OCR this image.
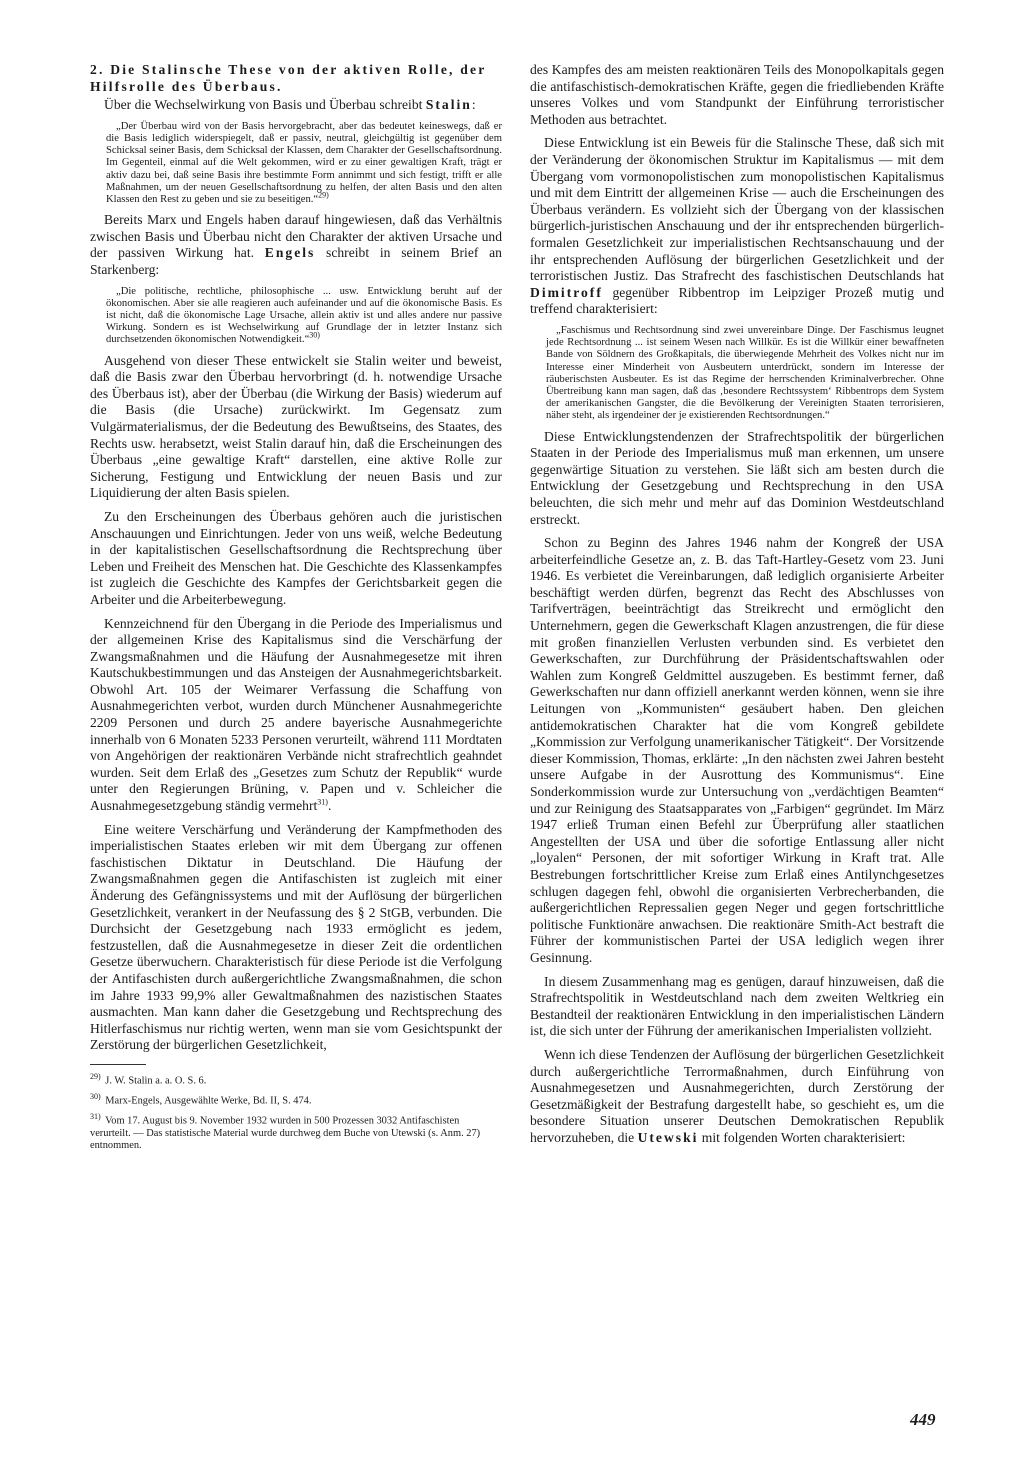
2. Die Stalinsche These von der aktiven Rolle, der Hilfsrolle des Überbaus.

Über die Wechselwirkung von Basis und Überbau schreibt Stalin:

„Der Überbau wird von der Basis hervorgebracht, aber das bedeutet keineswegs, daß er die Basis lediglich widerspiegelt, daß er passiv, neutral, gleichgültig ist gegenüber dem Schicksal seiner Basis, dem Schicksal der Klassen, dem Charakter der Gesellschaftsordnung. Im Gegenteil, einmal auf die Welt gekommen, wird er zu einer gewaltigen Kraft, trägt er aktiv dazu bei, daß seine Basis ihre bestimmte Form annimmt und sich festigt, trifft er alle Maßnahmen, um der neuen Gesellschaftsordnung zu helfen, der alten Basis und den alten Klassen den Rest zu geben und sie zu beseitigen.“$^{29)}$

Bereits Marx und Engels haben darauf hingewiesen, daß das Verhältnis zwischen Basis und Überbau nicht den Charakter der aktiven Ursache und der passiven Wirkung hat. Engels schreibt in seinem Brief an Starkenberg:

„Die politische, rechtliche, philosophische ... usw. Entwicklung beruht auf der ökonomischen. Aber sie alle reagieren auch aufeinander und auf die ökonomische Basis. Es ist nicht, daß die ökonomische Lage Ursache, allein aktiv ist und alles andere nur passive Wirkung. Sondern es ist Wechselwirkung auf Grundlage der in letzter Instanz sich durchsetzenden ökonomischen Notwendigkeit.“$^{30)}$

Ausgehend von dieser These entwickelt sie Stalin weiter und beweist, daß die Basis zwar den Überbau hervorbringt (d. h. notwendige Ursache des Überbaus ist), aber der Überbau (die Wirkung der Basis) wiederum auf die Basis (die Ursache) zurückwirkt. Im Gegensatz zum Vulgärmaterialismus, der die Bedeutung des Bewußtseins, des Staates, des Rechts usw. herabsetzt, weist Stalin darauf hin, daß die Erscheinungen des Überbaus „eine gewaltige Kraft“ darstellen, eine aktive Rolle zur Sicherung, Festigung und Entwicklung der neuen Basis und zur Liquidierung der alten Basis spielen.

Zu den Erscheinungen des Überbaus gehören auch die juristischen Anschauungen und Einrichtungen. Jeder von uns weiß, welche Bedeutung in der kapitalistischen Gesellschaftsordnung die Rechtsprechung über Leben und Freiheit des Menschen hat. Die Geschichte des Klassenkampfes ist zugleich die Geschichte des Kampfes der Gerichtsbarkeit gegen die Arbeiter und die Arbeiterbewegung.

Kennzeichnend für den Übergang in die Periode des Imperialismus und der allgemeinen Krise des Kapitalismus sind die Verschärfung der Zwangsmaßnahmen und die Häufung der Ausnahmegesetze mit ihren Kautschukbestimmungen und das Ansteigen der Ausnahmegerichtsbarkeit. Obwohl Art. 105 der Weimarer Verfassung die Schaffung von Ausnahmegerichten verbot, wurden durch Münchener Ausnahmegerichte 2209 Personen und durch 25 andere bayerische Ausnahmegerichte innerhalb von 6 Monaten 5233 Personen verurteilt, während 111 Mordtaten von Angehörigen der reaktionären Verbände nicht strafrechtlich geahndet wurden. Seit dem Erlaß des „Gesetzes zum Schutz der Republik“ wurde unter den Regierungen Brüning, v. Papen und v. Schleicher die Ausnahmegesetzgebung ständig vermehrt$^{31)}$.

Eine weitere Verschärfung und Veränderung der Kampfmethoden des imperialistischen Staates erleben wir mit dem Übergang zur offenen faschistischen Diktatur in Deutschland. Die Häufung der Zwangsmaßnahmen gegen die Antifaschisten ist zugleich mit einer Änderung des Gefängnissystems und mit der Auflösung der bürgerlichen Gesetzlichkeit, verankert in der Neufassung des § 2 StGB, verbunden. Die Durchsicht der Gesetzgebung nach 1933 ermöglicht es jedem, festzustellen, daß die Ausnahmegesetze in dieser Zeit die ordentlichen Gesetze überwuchern. Charakteristisch für diese Periode ist die Verfolgung der Antifaschisten durch außergerichtliche Zwangsmaßnahmen, die schon im Jahre 1933 99,9% aller Gewaltmaßnahmen des nazistischen Staates ausmachten. Man kann daher die Gesetzgebung und Rechtsprechung des Hitlerfaschismus nur richtig werten, wenn man sie vom Gesichtspunkt der Zerstörung der bürgerlichen Gesetzlichkeit,

$^{29)}$ J. W. Stalin a. a. O. S. 6.

$^{30)}$ Marx-Engels, Ausgewählte Werke, Bd. II, S. 474.

$^{31)}$ Vom 17. August bis 9. November 1932 wurden in 500 Prozessen 3032 Antifaschisten verurteilt. — Das statistische Material wurde durchweg dem Buche von Utewski (s. Anm. 27) entnommen.

des Kampfes des am meisten reaktionären Teils des Monopolkapitals gegen die antifaschistisch-demokratischen Kräfte, gegen die friedliebenden Kräfte unseres Volkes und vom Standpunkt der Einführung terroristischer Methoden aus betrachtet.

Diese Entwicklung ist ein Beweis für die Stalinsche These, daß sich mit der Veränderung der ökonomischen Struktur im Kapitalismus — mit dem Übergang vom vormonopolistischen zum monopolistischen Kapitalismus und mit dem Eintritt der allgemeinen Krise — auch die Erscheinungen des Überbaus verändern. Es vollzieht sich der Übergang von der klassischen bürgerlich-juristischen Anschauung und der ihr entsprechenden bürgerlich-formalen Gesetzlichkeit zur imperialistischen Rechtsanschauung und der ihr entsprechenden Auflösung der bürgerlichen Gesetzlichkeit und der terroristischen Justiz. Das Strafrecht des faschistischen Deutschlands hat Dimitroff gegenüber Ribbentrop im Leipziger Prozeß mutig und treffend charakterisiert:

„Faschismus und Rechtsordnung sind zwei unvereinbare Dinge. Der Faschismus leugnet jede Rechtsordnung ... ist seinem Wesen nach Willkür. Es ist die Willkür einer bewaffneten Bande von Söldnern des Großkapitals, die überwiegende Mehrheit des Volkes nicht nur im Interesse einer Minderheit von Ausbeutern unterdrückt, sondern im Interesse der räuberischsten Ausbeuter. Es ist das Regime der herrschenden Kriminalverbrecher. Ohne Übertreibung kann man sagen, daß das ‚besondere Rechtssystem‘ Ribbentrops dem System der amerikanischen Gangster, die die Bevölkerung der Vereinigten Staaten terrorisieren, näher steht, als irgendeiner der je existierenden Rechtsordnungen.“

Diese Entwicklungstendenzen der Strafrechtspolitik der bürgerlichen Staaten in der Periode des Imperialismus muß man erkennen, um unsere gegenwärtige Situation zu verstehen. Sie läßt sich am besten durch die Entwicklung der Gesetzgebung und Rechtsprechung in den USA beleuchten, die sich mehr und mehr auf das Dominion Westdeutschland erstreckt.

Schon zu Beginn des Jahres 1946 nahm der Kongreß der USA arbeiterfeindliche Gesetze an, z. B. das Taft-Hartley-Gesetz vom 23. Juni 1946. Es verbietet die Vereinbarungen, daß lediglich organisierte Arbeiter beschäftigt werden dürfen, begrenzt das Recht des Abschlusses von Tarifverträgen, beeinträchtigt das Streikrecht und ermöglicht den Unternehmern, gegen die Gewerkschaft Klagen anzustrengen, die für diese mit großen finanziellen Verlusten verbunden sind. Es verbietet den Gewerkschaften, zur Durchführung der Präsidentschaftswahlen oder Wahlen zum Kongreß Geldmittel auszugeben. Es bestimmt ferner, daß Gewerkschaften nur dann offiziell anerkannt werden können, wenn sie ihre Leitungen von „Kommunisten“ gesäubert haben. Den gleichen antidemokratischen Charakter hat die vom Kongreß gebildete „Kommission zur Verfolgung unamerikanischer Tätigkeit“. Der Vorsitzende dieser Kommission, Thomas, erklärte: „In den nächsten zwei Jahren besteht unsere Aufgabe in der Ausrottung des Kommunismus“. Eine Sonderkommission wurde zur Untersuchung von „verdächtigen Beamten“ und zur Reinigung des Staatsapparates von „Farbigen“ gegründet. Im März 1947 erließ Truman einen Befehl zur Überprüfung aller staatlichen Angestellten der USA und über die sofortige Entlassung aller nicht „loyalen“ Personen, der mit sofortiger Wirkung in Kraft trat. Alle Bestrebungen fortschrittlicher Kreise zum Erlaß eines Antilynchgesetzes schlugen dagegen fehl, obwohl die organisierten Verbrecherbanden, die außergerichtlichen Repressalien gegen Neger und gegen fortschrittliche politische Funktionäre anwachsen. Die reaktionäre Smith-Act bestraft die Führer der kommunistischen Partei der USA lediglich wegen ihrer Gesinnung.

In diesem Zusammenhang mag es genügen, darauf hinzuweisen, daß die Strafrechtspolitik in Westdeutschland nach dem zweiten Weltkrieg ein Bestandteil der reaktionären Entwicklung in den imperialistischen Ländern ist, die sich unter der Führung der amerikanischen Imperialisten vollzieht.

Wenn ich diese Tendenzen der Auflösung der bürgerlichen Gesetzlichkeit durch außergerichtliche Terrormaßnahmen, durch Einführung von Ausnahmegesetzen und Ausnahmegerichten, durch Zerstörung der Gesetzmäßigkeit der Bestrafung dargestellt habe, so geschieht es, um die besondere Situation unserer Deutschen Demokratischen Republik hervorzuheben, die Utewski mit folgenden Worten charakterisiert:

449
